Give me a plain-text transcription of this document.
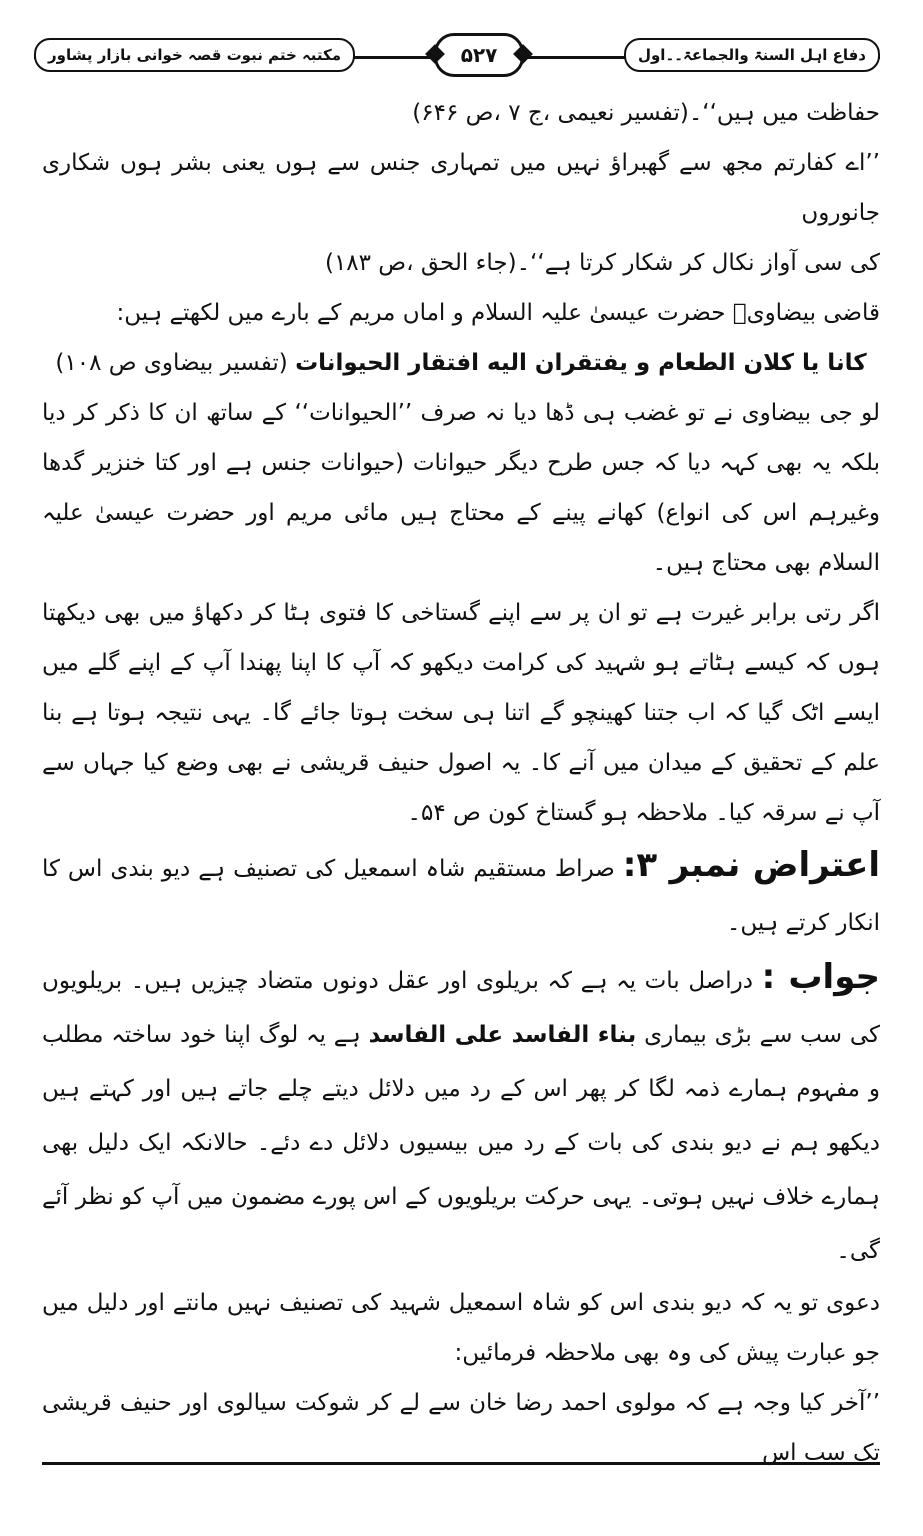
دفاع اہل السنۃ والجماعۃ۔۔اول
۵۲۷
مکتبہ ختم نبوت قصہ خوانی بازار پشاور

حفاظت میں ہیں‘‘۔(تفسیر نعیمی ،ج ۷ ،ص ۶۴۶)

’’اے کفارتم مجھ سے گھبراؤ نہیں میں تمہاری جنس سے ہوں یعنی بشر ہوں شکاری جانوروں

کی سی آواز نکال کر شکار کرتا ہے‘‘۔(جاء الحق ،ص ۱۸۳)

قاضی بیضاویؒ حضرت عیسیٰ علیہ السلام و اماں مریم کے بارے میں لکھتے ہیں:

کانا یا کلان الطعام و یفتقران الیه افتقار الحیوانات (تفسیر بیضاوی ص ۱۰۸)

لو جی بیضاوی نے تو غضب ہی ڈھا دیا نہ صرف ’’الحیوانات‘‘ کے ساتھ ان کا ذکر کر دیا بلکہ یہ بھی کہہ دیا کہ جس طرح دیگر حیوانات (حیوانات جنس ہے اور کتا خنزیر گدھا وغیرہم اس کی انواع) کھانے پینے کے محتاج ہیں مائی مریم اور حضرت عیسیٰ علیہ السلام بھی محتاج ہیں۔

اگر رتی برابر غیرت ہے تو ان پر سے اپنے گستاخی کا فتوی ہٹا کر دکھاؤ میں بھی دیکھتا ہوں کہ کیسے ہٹاتے ہو شہید کی کرامت دیکھو کہ آپ کا اپنا پھندا آپ کے اپنے گلے میں ایسے اٹک گیا کہ اب جتنا کھینچو گے اتنا ہی سخت ہوتا جائے گا۔ یہی نتیجہ ہوتا ہے بنا علم کے تحقیق کے میدان میں آنے کا۔ یہ اصول حنیف قریشی نے بھی وضع کیا جہاں سے آپ نے سرقہ کیا۔ ملاحظہ ہو گستاخ کون ص ۵۴۔

اعتراض نمبر ۳: صراط مستقیم شاہ اسمعیل کی تصنیف ہے دیو بندی اس کا انکار کرتے ہیں۔

جواب : دراصل بات یہ ہے کہ بریلوی اور عقل دونوں متضاد چیزیں ہیں۔ بریلویوں کی سب سے بڑی بیماری بناء الفاسد علی الفاسد ہے یہ لوگ اپنا خود ساختہ مطلب و مفہوم ہمارے ذمہ لگا کر پھر اس کے رد میں دلائل دیتے چلے جاتے ہیں اور کہتے ہیں دیکھو ہم نے دیو بندی کی بات کے رد میں بیسیوں دلائل دے دئے۔ حالانکہ ایک دلیل بھی ہمارے خلاف نہیں ہوتی۔ یہی حرکت بریلویوں کے اس پورے مضمون میں آپ کو نظر آئے گی۔

دعوی تو یہ کہ دیو بندی اس کو شاہ اسمعیل شہید کی تصنیف نہیں مانتے اور دلیل میں جو عبارت پیش کی وہ بھی ملاحظہ فرمائیں:

’’آخر کیا وجہ ہے کہ مولوی احمد رضا خان سے لے کر شوکت سیالوی اور حنیف قریشی تک سب اس
